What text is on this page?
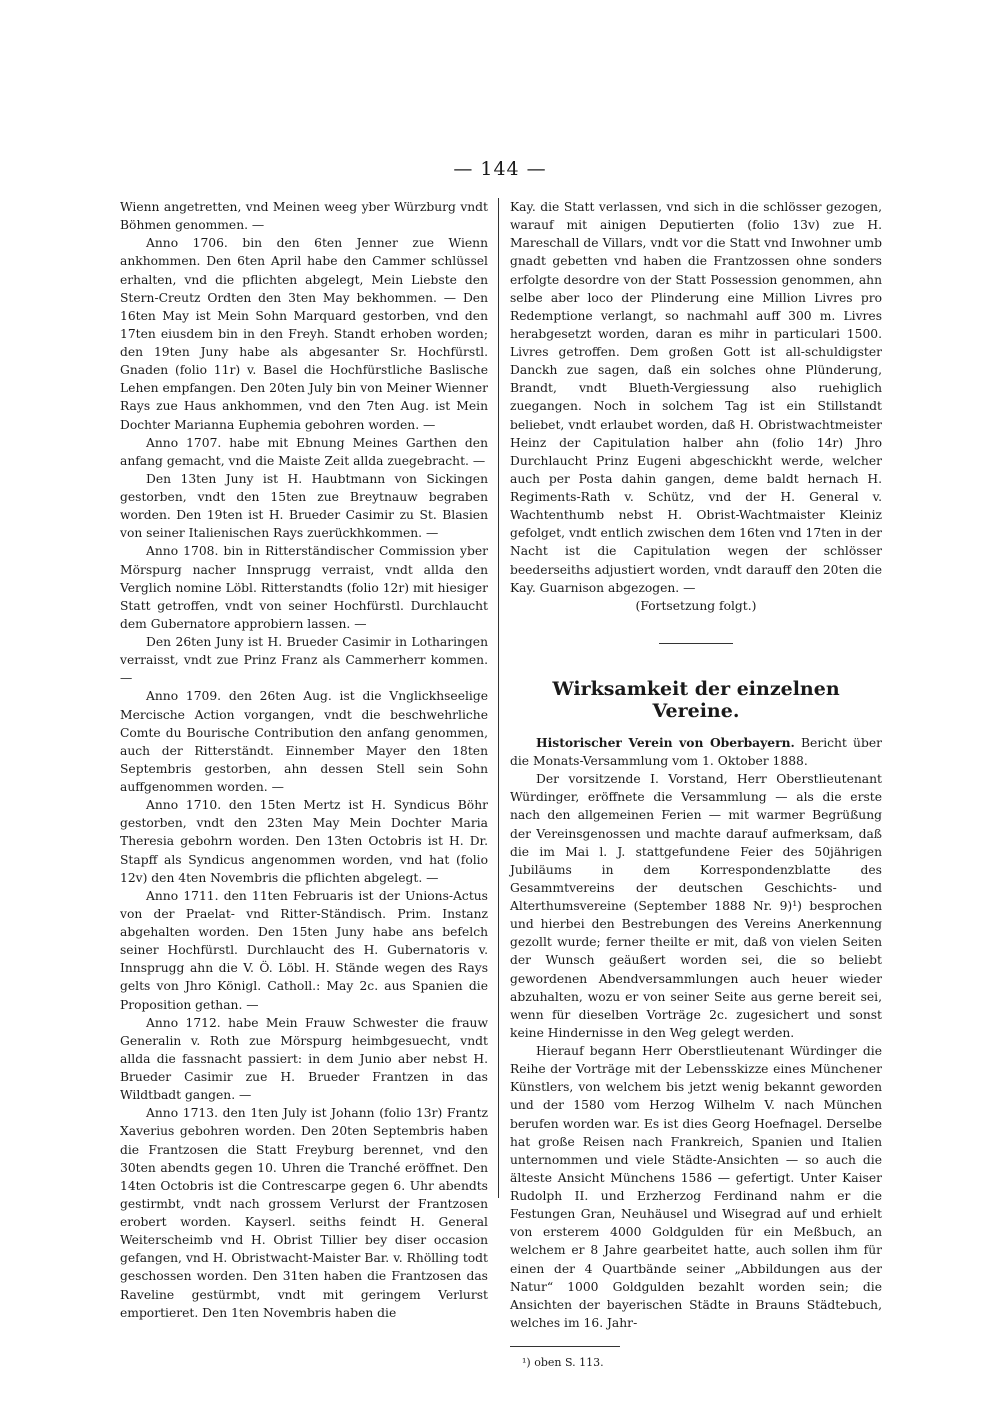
— 144 —

Wienn angetretten, vnd Meinen weeg yber Würzburg vndt Böhmen genommen. —

Anno 1706. bin den 6ten Jenner zue Wienn ankhommen. Den 6ten April habe den Cammer schlüssel erhalten, vnd die pflichten abgelegt, Mein Liebste den Stern-Creutz Ordten den 3ten May bekhommen. — Den 16ten May ist Mein Sohn Marquard gestorben, vnd den 17ten eiusdem bin in den Freyh. Standt erhoben worden; den 19ten Juny habe als abgesanter Sr. Hochfürstl. Gnaden (folio 11r) v. Basel die Hochfürstliche Baslische Lehen empfangen. Den 20ten July bin von Meiner Wienner Rays zue Haus ankhommen, vnd den 7ten Aug. ist Mein Dochter Marianna Euphemia gebohren worden. —

Anno 1707. habe mit Ebnung Meines Garthen den anfang gemacht, vnd die Maiste Zeit allda zuegebracht. —

Den 13ten Juny ist H. Haubtmann von Sickingen gestorben, vndt den 15ten zue Breytnauw begraben worden. Den 19ten ist H. Brueder Casimir zu St. Blasien von seiner Italienischen Rays zuerückhkommen. —

Anno 1708. bin in Ritterständischer Commission yber Mörspurg nacher Innsprugg verraist, vndt allda den Verglich nomine Löbl. Ritterstandts (folio 12r) mit hiesiger Statt getroffen, vndt von seiner Hochfürstl. Durchlaucht dem Gubernatore approbiern lassen. —

Den 26ten Juny ist H. Brueder Casimir in Lotharingen verraisst, vndt zue Prinz Franz als Cammerherr kommen. —

Anno 1709. den 26ten Aug. ist die Vnglickhseelige Mercische Action vorgangen, vndt die beschwehrliche Comte du Bourische Contribution den anfang genommen, auch der Ritterständt. Einnember Mayer den 18ten Septembris gestorben, ahn dessen Stell sein Sohn auffgenommen worden. —

Anno 1710. den 15ten Mertz ist H. Syndicus Böhr gestorben, vndt den 23ten May Mein Dochter Maria Theresia gebohrn worden. Den 13ten Octobris ist H. Dr. Stapff als Syndicus angenommen worden, vnd hat (folio 12v) den 4ten Novembris die pflichten abgelegt. —

Anno 1711. den 11ten Februaris ist der Unions-Actus von der Praelat- vnd Ritter-Ständisch. Prim. Instanz abgehalten worden. Den 15ten Juny habe ans befelch seiner Hochfürstl. Durchlaucht des H. Gubernatoris v. Innsprugg ahn die V. Ö. Löbl. H. Stände wegen des Rays gelts von Jhro Königl. Catholl.: May 2c. aus Spanien die Proposition gethan. —

Anno 1712. habe Mein Frauw Schwester die frauw Generalin v. Roth zue Mörspurg heimbgesuecht, vndt allda die fassnacht passiert: in dem Junio aber nebst H. Brueder Casimir zue H. Brueder Frantzen in das Wildtbadt gangen. —

Anno 1713. den 1ten July ist Johann (folio 13r) Frantz Xaverius gebohren worden. Den 20ten Septembris haben die Frantzosen die Statt Freyburg berennet, vnd den 30ten abendts gegen 10. Uhren die Tranché eröffnet. Den 14ten Octobris ist die Contrescarpe gegen 6. Uhr abendts gestirmbt, vndt nach grossem Verlurst der Frantzosen erobert worden. Kayserl. seiths feindt H. General Weiterscheimb vnd H. Obrist Tillier bey diser occasion gefangen, vnd H. Obristwacht-Maister Bar. v. Rhölling todt geschossen worden. Den 31ten haben die Frantzosen das Raveline gestürmbt, vndt mit geringem Verlurst emportieret. Den 1ten Novembris haben die

Kay. die Statt verlassen, vnd sich in die schlösser gezogen, warauf mit ainigen Deputierten (folio 13v) zue H. Mareschall de Villars, vndt vor die Statt vnd Inwohner umb gnadt gebetten vnd haben die Frantzossen ohne sonders erfolgte desordre von der Statt Possession genommen, ahn selbe aber loco der Plinderung eine Million Livres pro Redemptione verlangt, so nachmahl auff 300 m. Livres herabgesetzt worden, daran es mihr in particulari 1500. Livres getroffen. Dem großen Gott ist all-schuldigster Danckh zue sagen, daß ein solches ohne Plünderung, Brandt, vndt Blueth-Vergiessung also ruehiglich zuegangen. Noch in solchem Tag ist ein Stillstandt beliebet, vndt erlaubet worden, daß H. Obristwachtmeister Heinz der Capitulation halber ahn (folio 14r) Jhro Durchlaucht Prinz Eugeni abgeschickht werde, welcher auch per Posta dahin gangen, deme baldt hernach H. Regiments-Rath v. Schütz, vnd der H. General v. Wachtenthumb nebst H. Obrist-Wachtmaister Kleiniz gefolget, vndt entlich zwischen dem 16ten vnd 17ten in der Nacht ist die Capitulation wegen der schlösser beederseiths adjustiert worden, vndt darauff den 20ten die Kay. Guarnison abgezogen. —

(Fortsetzung folgt.)

Wirksamkeit der einzelnen Vereine.

Historischer Verein von Oberbayern. Bericht über die Monats-Versammlung vom 1. Oktober 1888.

Der vorsitzende I. Vorstand, Herr Oberstlieutenant Würdinger, eröffnete die Versammlung — als die erste nach den allgemeinen Ferien — mit warmer Begrüßung der Vereinsgenossen und machte darauf aufmerksam, daß die im Mai l. J. stattgefundene Feier des 50jährigen Jubiläums in dem Korrespondenzblatte des Gesammtvereins der deutschen Geschichts- und Alterthumsvereine (September 1888 Nr. 9)¹) besprochen und hierbei den Bestrebungen des Vereins Anerkennung gezollt wurde; ferner theilte er mit, daß von vielen Seiten der Wunsch geäußert worden sei, die so beliebt gewordenen Abendversammlungen auch heuer wieder abzuhalten, wozu er von seiner Seite aus gerne bereit sei, wenn für dieselben Vorträge 2c. zugesichert und sonst keine Hindernisse in den Weg gelegt werden.

Hierauf begann Herr Oberstlieutenant Würdinger die Reihe der Vorträge mit der Lebensskizze eines Münchener Künstlers, von welchem bis jetzt wenig bekannt geworden und der 1580 vom Herzog Wilhelm V. nach München berufen worden war. Es ist dies Georg Hoefnagel. Derselbe hat große Reisen nach Frankreich, Spanien und Italien unternommen und viele Städte-Ansichten — so auch die älteste Ansicht Münchens 1586 — gefertigt. Unter Kaiser Rudolph II. und Erzherzog Ferdinand nahm er die Festungen Gran, Neuhäusel und Wisegrad auf und erhielt von ersterem 4000 Goldgulden für ein Meßbuch, an welchem er 8 Jahre gearbeitet hatte, auch sollen ihm für einen der 4 Quartbände seiner „Abbildungen aus der Natur“ 1000 Goldgulden bezahlt worden sein; die Ansichten der bayerischen Städte in Brauns Städtebuch, welches im 16. Jahr-

¹) oben S. 113.
